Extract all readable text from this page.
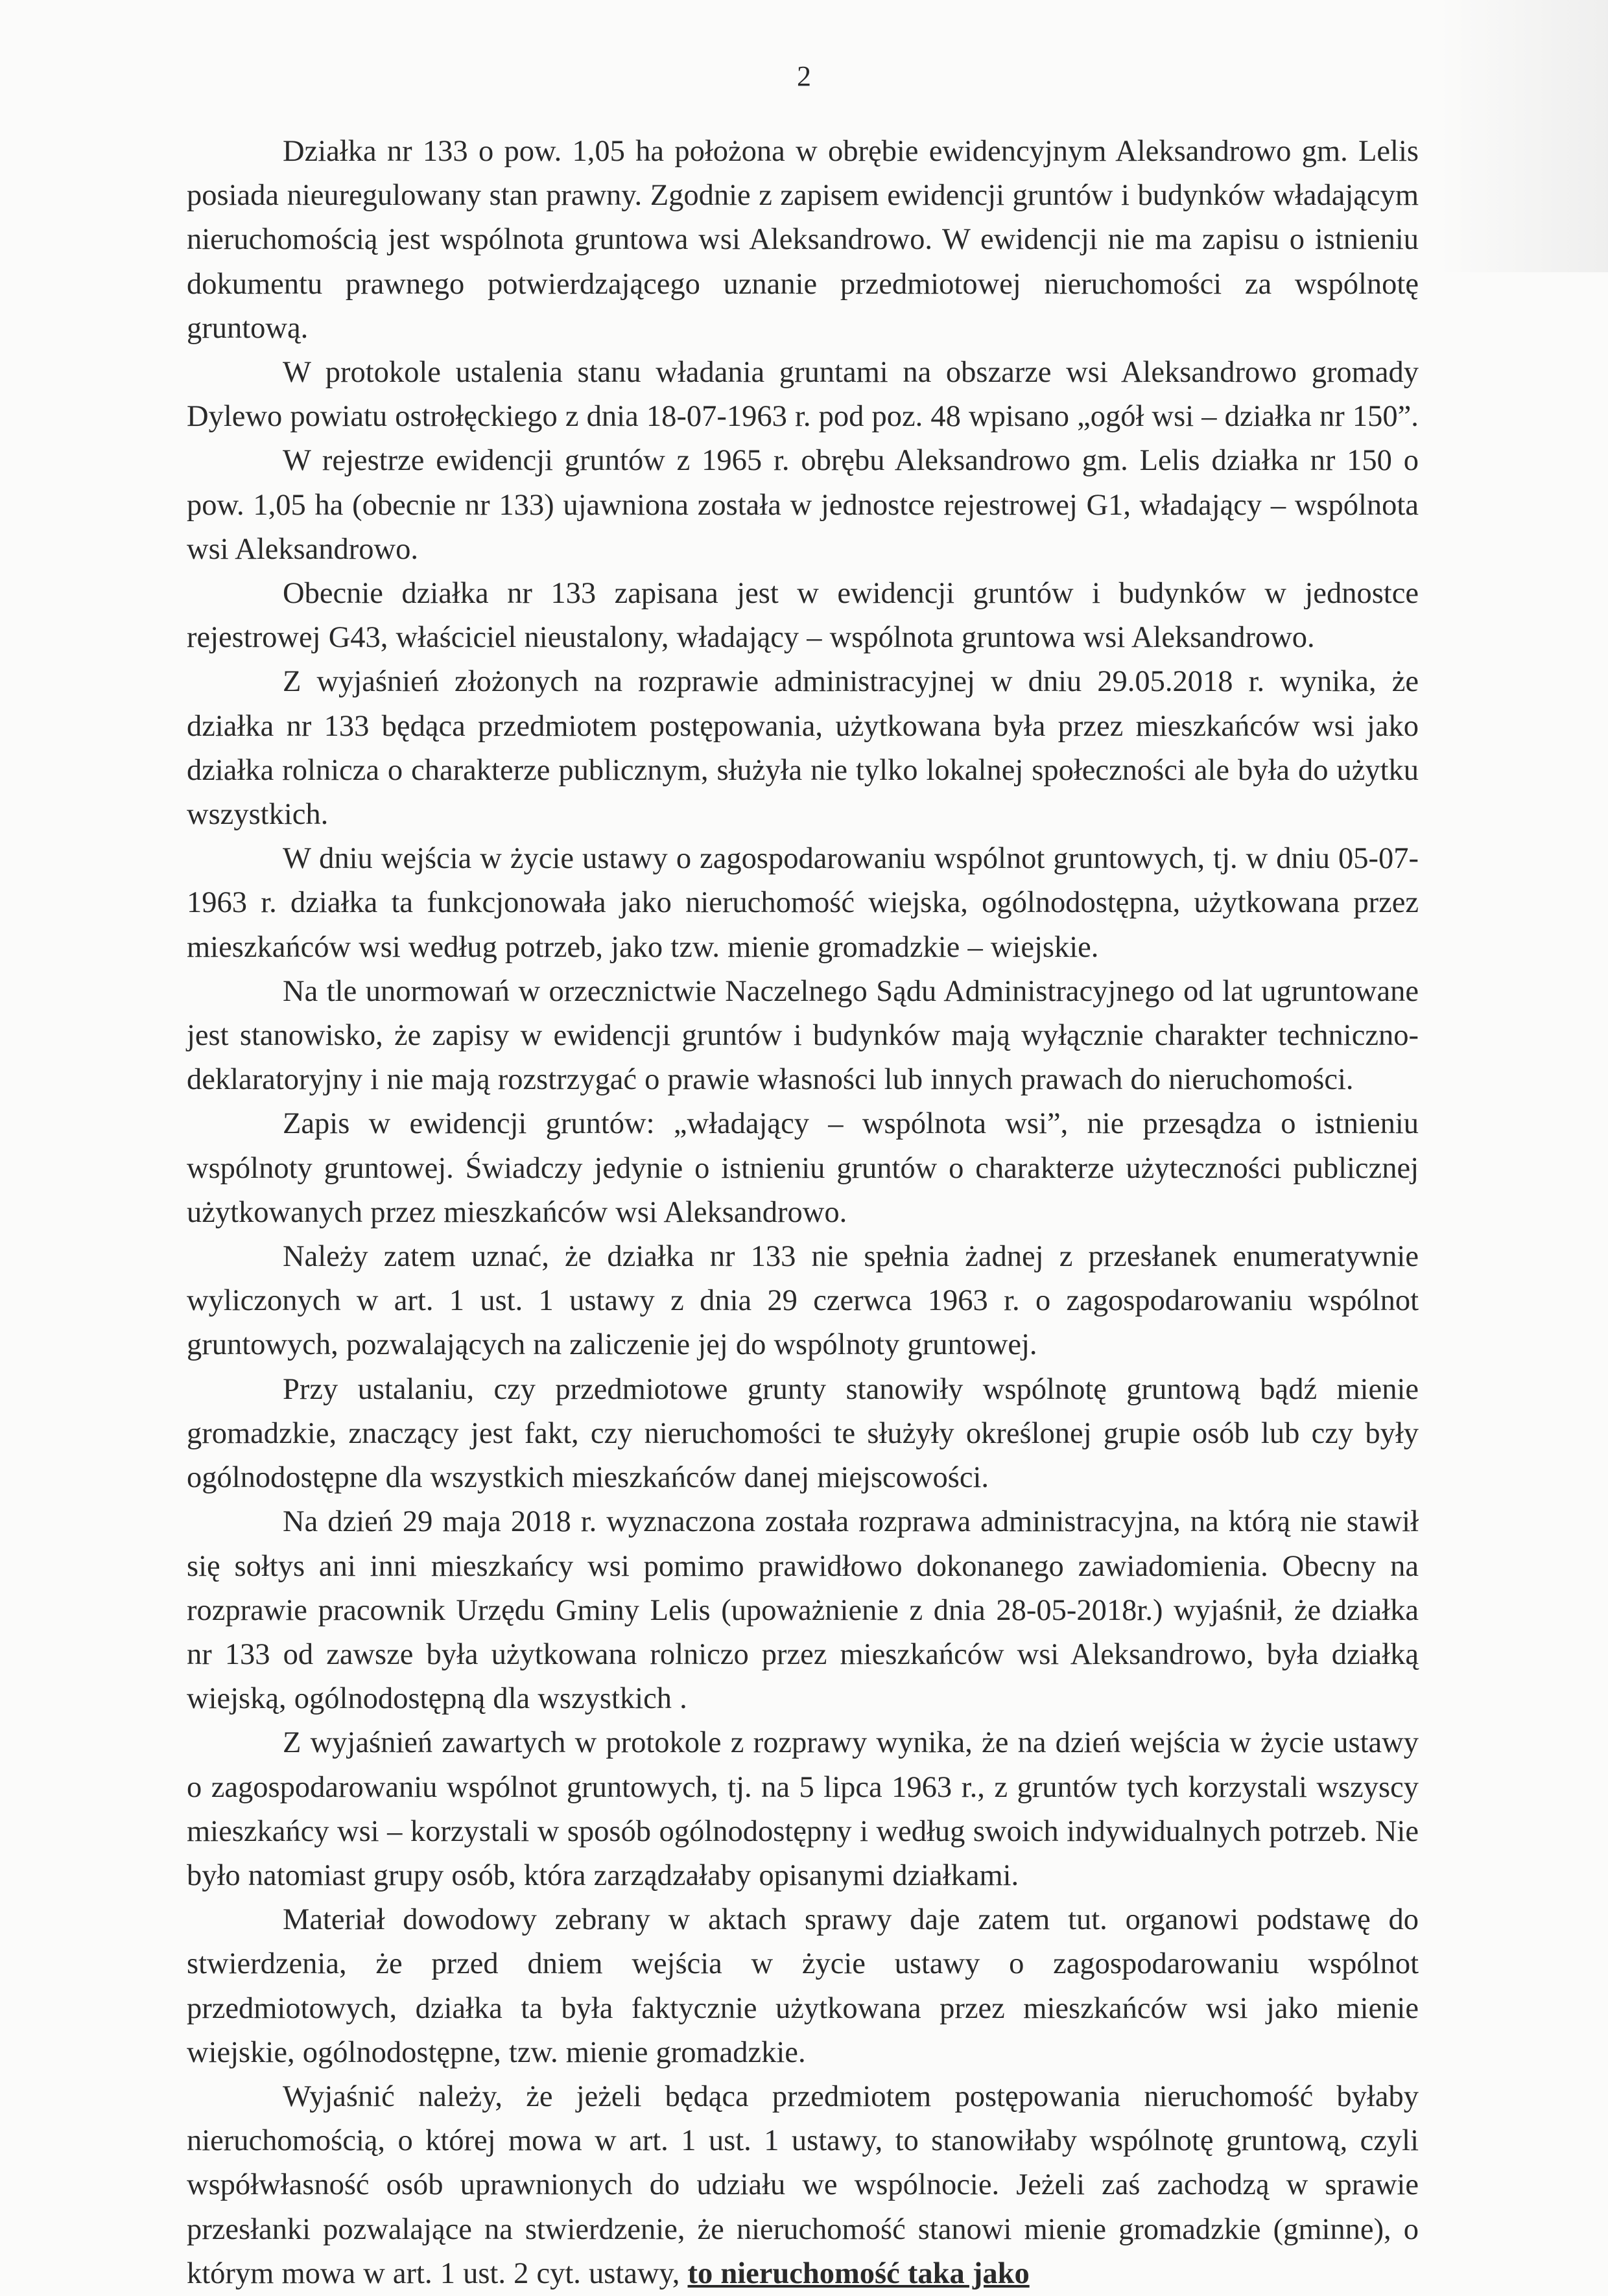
2

Działka nr 133 o pow. 1,05 ha położona w obrębie ewidencyjnym Aleksandrowo gm. Lelis posiada nieuregulowany stan prawny. Zgodnie z zapisem ewidencji gruntów i budynków władającym nieruchomością jest wspólnota gruntowa wsi Aleksandrowo. W ewidencji nie ma zapisu o istnieniu dokumentu prawnego potwierdzającego uznanie przedmiotowej nieruchomości za wspólnotę gruntową.

W protokole ustalenia stanu władania gruntami na obszarze wsi Aleksandrowo gromady Dylewo powiatu ostrołęckiego z dnia 18-07-1963 r. pod poz. 48 wpisano „ogół wsi – działka nr 150”.

W rejestrze ewidencji gruntów z 1965 r. obrębu Aleksandrowo gm. Lelis działka nr 150 o pow. 1,05 ha (obecnie nr 133) ujawniona została w jednostce rejestrowej G1, władający – wspólnota wsi Aleksandrowo.

Obecnie działka nr 133 zapisana jest w ewidencji gruntów i budynków w jednostce rejestrowej G43, właściciel nieustalony, władający – wspólnota gruntowa wsi Aleksandrowo.

Z wyjaśnień złożonych na rozprawie administracyjnej w dniu 29.05.2018 r. wynika, że działka nr 133 będąca przedmiotem postępowania, użytkowana była przez mieszkańców wsi jako działka rolnicza o charakterze publicznym, służyła nie tylko lokalnej społeczności ale była do użytku wszystkich.

W dniu wejścia w życie ustawy o zagospodarowaniu wspólnot gruntowych, tj. w dniu 05-07-1963 r. działka ta funkcjonowała jako nieruchomość wiejska, ogólnodostępna, użytkowana przez mieszkańców wsi według potrzeb, jako tzw. mienie gromadzkie – wiejskie.

Na tle unormowań w orzecznictwie Naczelnego Sądu Administracyjnego od lat ugruntowane jest stanowisko, że zapisy w ewidencji gruntów i budynków mają wyłącznie charakter techniczno-deklaratoryjny i nie mają rozstrzygać o prawie własności lub innych prawach do nieruchomości.

Zapis w ewidencji gruntów: „władający – wspólnota wsi”, nie przesądza o istnieniu wspólnoty gruntowej. Świadczy jedynie o istnieniu gruntów o charakterze użyteczności publicznej użytkowanych przez mieszkańców wsi Aleksandrowo.

Należy zatem uznać, że działka nr 133 nie spełnia żadnej z przesłanek enumeratywnie wyliczonych w art. 1 ust. 1 ustawy z dnia 29 czerwca 1963 r. o zagospodarowaniu wspólnot gruntowych, pozwalających na zaliczenie jej do wspólnoty gruntowej.

Przy ustalaniu, czy przedmiotowe grunty stanowiły wspólnotę gruntową bądź mienie gromadzkie, znaczący jest fakt, czy nieruchomości te służyły określonej grupie osób lub czy były ogólnodostępne dla wszystkich mieszkańców danej miejscowości.

Na dzień 29 maja 2018 r. wyznaczona została rozprawa administracyjna, na którą nie stawił się sołtys ani inni mieszkańcy wsi pomimo prawidłowo dokonanego zawiadomienia. Obecny na rozprawie pracownik Urzędu Gminy Lelis (upoważnienie z dnia 28-05-2018r.) wyjaśnił, że działka nr 133 od zawsze była użytkowana rolniczo przez mieszkańców wsi Aleksandrowo, była działką wiejską, ogólnodostępną dla wszystkich .

Z wyjaśnień zawartych w protokole z rozprawy wynika, że na dzień wejścia w życie ustawy o zagospodarowaniu wspólnot gruntowych, tj. na 5 lipca 1963 r., z gruntów tych korzystali wszyscy mieszkańcy wsi – korzystali w sposób ogólnodostępny i według swoich indywidualnych potrzeb. Nie było natomiast grupy osób, która zarządzałaby opisanymi działkami.

Materiał dowodowy zebrany w aktach sprawy daje zatem tut. organowi podstawę do stwierdzenia, że przed dniem wejścia w życie ustawy o zagospodarowaniu wspólnot przedmiotowych, działka ta była faktycznie użytkowana przez mieszkańców wsi jako mienie wiejskie, ogólnodostępne, tzw. mienie gromadzkie.

Wyjaśnić należy, że jeżeli będąca przedmiotem postępowania nieruchomość byłaby nieruchomością, o której mowa w art. 1 ust. 1 ustawy, to stanowiłaby wspólnotę gruntową, czyli współwłasność osób uprawnionych do udziału we wspólnocie. Jeżeli zaś zachodzą w sprawie przesłanki pozwalające na stwierdzenie, że nieruchomość stanowi mienie gromadzkie (gminne), o którym mowa w art. 1 ust. 2 cyt. ustawy, to nieruchomość taka jako
